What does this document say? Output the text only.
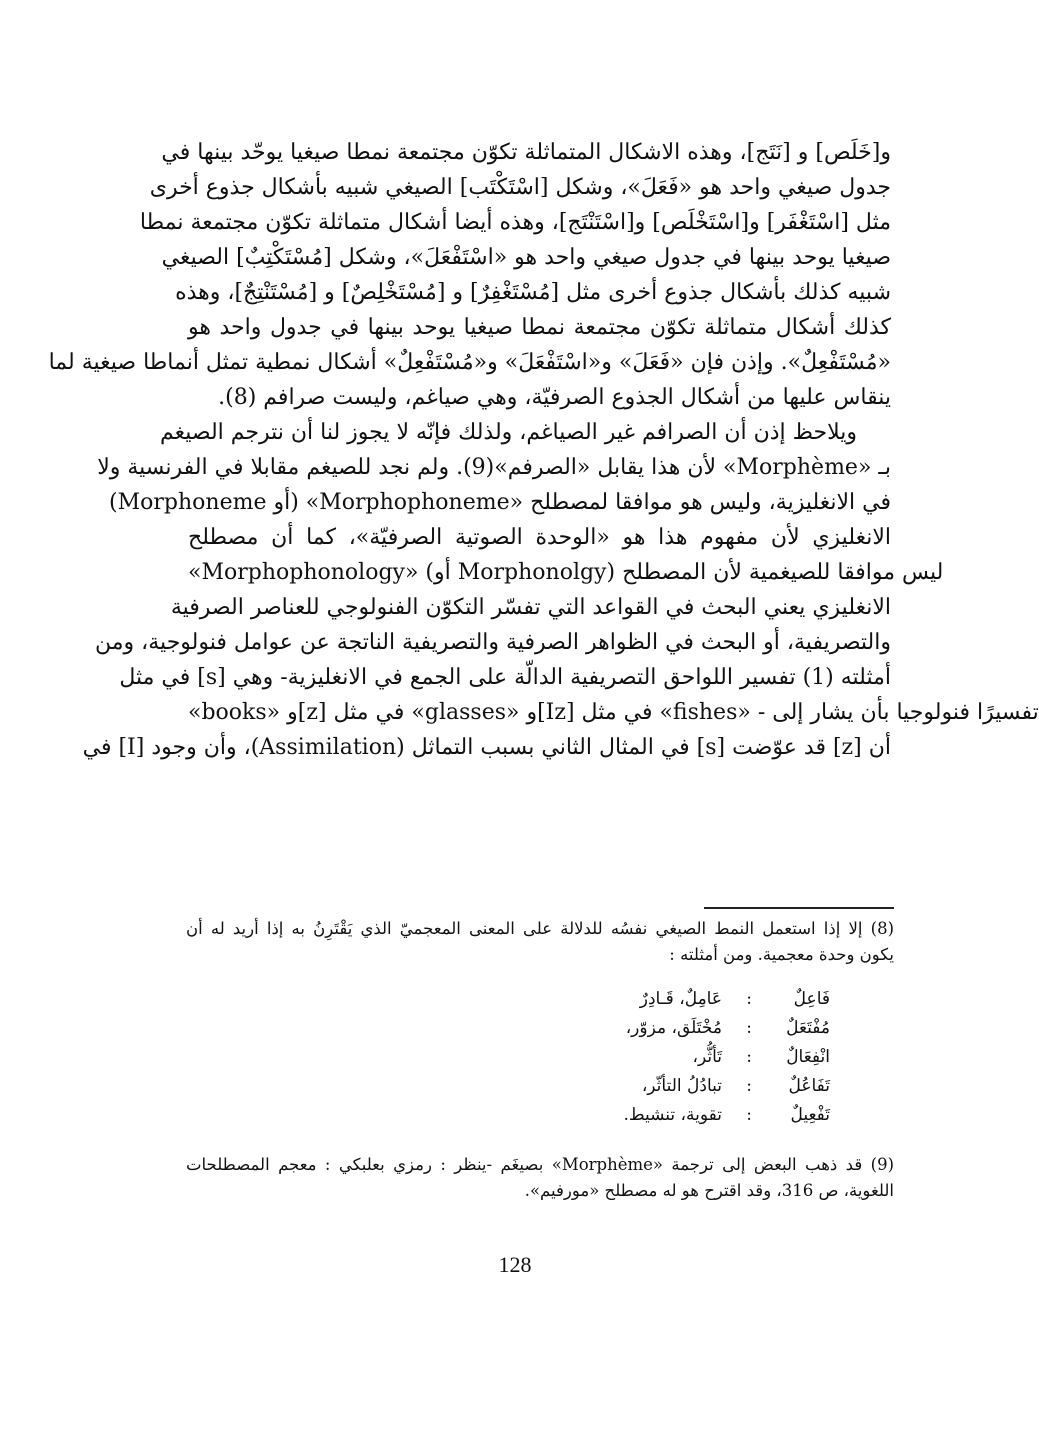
و[خَلَص] و [نَتَج]، وهذه الاشكال المتماثلة تكوّن مجتمعة نمطا صيغيا يوحّد بينها في
جدول صيغي واحد هو «فَعَلَ»، وشكل [اسْتَكْتَب] الصيغي شبيه بأشكال جذوع أخرى
مثل [اسْتَغْفَر] و[اسْتَخْلَص] و[اسْتَنْتَج]، وهذه أيضا أشكال متماثلة تكوّن مجتمعة نمطا
صيغيا يوحد بينها في جدول صيغي واحد هو «اسْتَفْعَلَ»، وشكل [مُسْتَكْتِبٌ] الصيغي
شبيه كذلك بأشكال جذوع أخرى مثل [مُسْتَغْفِرٌ] و [مُسْتَخْلِصٌ] و [مُسْتَنْتِجٌ]، وهذه
كذلك أشكال متماثلة تكوّن مجتمعة نمطا صيغيا يوحد بينها في جدول واحد هو
«مُسْتَفْعِلٌ». وإذن فإن «فَعَلَ» و«اسْتَفْعَلَ» و«مُسْتَفْعِلٌ» أشكال نمطية تمثل أنماطا صيغية لما
ينقاس عليها من أشكال الجذوع الصرفيّة، وهي صياغم، وليست صرافم (8).
ويلاحظ إذن أن الصرافم غير الصياغم، ولذلك فإنّه لا يجوز لنا أن نترجم الصيغم
بـ «Morphème» لأن هذا يقابل «الصرفم»(9). ولم نجد للصيغم مقابلا في الفرنسية ولا
في الانغليزية، وليس هو موافقا لمصطلح «Morphophoneme» (أو Morphoneme)
الانغليزي لأن مفهوم هذا هو «الوحدة الصوتية الصرفيّة»، كما أن مصطلح
«Morphophonology» (أو Morphonolgy) ليس موافقا للصيغمية لأن المصطلح
الانغليزي يعني البحث في القواعد التي تفسّر التكوّن الفنولوجي للعناصر الصرفية
والتصريفية، أو البحث في الظواهر الصرفية والتصريفية الناتجة عن عوامل فنولوجية، ومن
أمثلته (1) تفسير اللواحق التصريفية الدالّة على الجمع في الانغليزية- وهي [s] في مثل
«books» و[z] في مثل «glasses» و[Iz] في مثل «fishes» - تفسيرًا فنولوجيا بأن يشار إلى
أن [z] قد عوّضت [s] في المثال الثاني بسبب التماثل (Assimilation)، وأن وجود [I] في
(8) إلا إذا استعمل النمط الصيغي نفسُه للدلالة على المعنى المعجميّ الذي يَقْتَرِنُ به إذا أريد له أن
يكون وحدة معجمية. ومن أمثلته :
فَاعِلٌ
:
عَامِلٌ، قَـادِرٌ
مُفْتَعَلٌ
:
مُخْتَلَق، مزوّر،
انْفِعَالٌ
:
تَأثُّر،
تَفَاعُلٌ
:
تبادُلُ التأثّر،
تَفْعِيلٌ
:
تقوية، تنشيط.
(9) قد ذهب البعض إلى ترجمة «Morphème» بصيغَم -ينظر : رمزي بعلبكي : معجم المصطلحات
اللغوية، ص 316، وقد اقترح هو له مصطلح «مورفيم».
128
